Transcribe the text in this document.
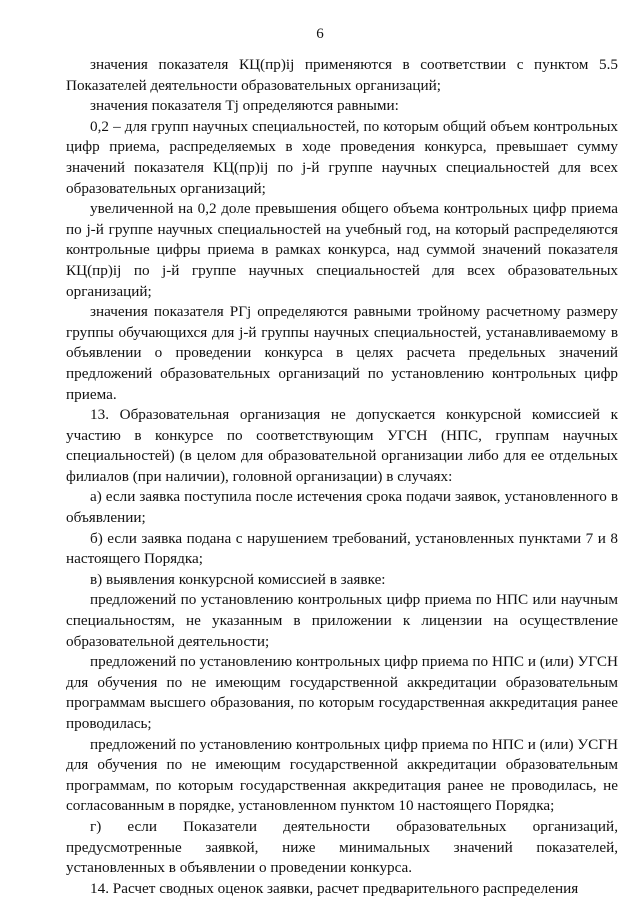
6

значения показателя КЦ(пр)ij применяются в соответствии с пунктом 5.5 Показателей деятельности образовательных организаций;

значения показателя Tj определяются равными:

0,2 – для групп научных специальностей, по которым общий объем контрольных цифр приема, распределяемых в ходе проведения конкурса, превышает сумму значений показателя КЦ(пр)ij по j-й группе научных специальностей для всех образовательных организаций;

увеличенной на 0,2 доле превышения общего объема контрольных цифр приема по j-й группе научных специальностей на учебный год, на который распределяются контрольные цифры приема в рамках конкурса, над суммой значений показателя КЦ(пр)ij по j-й группе научных специальностей для всех образовательных организаций;

значения показателя РГj определяются равными тройному расчетному размеру группы обучающихся для j-й группы научных специальностей, устанавливаемому в объявлении о проведении конкурса в целях расчета предельных значений предложений образовательных организаций по установлению контрольных цифр приема.

13. Образовательная организация не допускается конкурсной комиссией к участию в конкурсе по соответствующим УГСН (НПС, группам научных специальностей) (в целом для образовательной организации либо для ее отдельных филиалов (при наличии), головной организации) в случаях:

а) если заявка поступила после истечения срока подачи заявок, установленного в объявлении;

б) если заявка подана с нарушением требований, установленных пунктами 7 и 8 настоящего Порядка;

в) выявления конкурсной комиссией в заявке:

предложений по установлению контрольных цифр приема по НПС или научным специальностям, не указанным в приложении к лицензии на осуществление образовательной деятельности;

предложений по установлению контрольных цифр приема по НПС и (или) УГСН для обучения по не имеющим государственной аккредитации образовательным программам высшего образования, по которым государственная аккредитация ранее проводилась;

предложений по установлению контрольных цифр приема по НПС и (или) УСГН для обучения по не имеющим государственной аккредитации образовательным программам, по которым государственная аккредитация ранее не проводилась, не согласованным в порядке, установленном пунктом 10 настоящего Порядка;

г) если Показатели деятельности образовательных организаций, предусмотренные заявкой, ниже минимальных значений показателей, установленных в объявлении о проведении конкурса.

14. Расчет сводных оценок заявки, расчет предварительного распределения
